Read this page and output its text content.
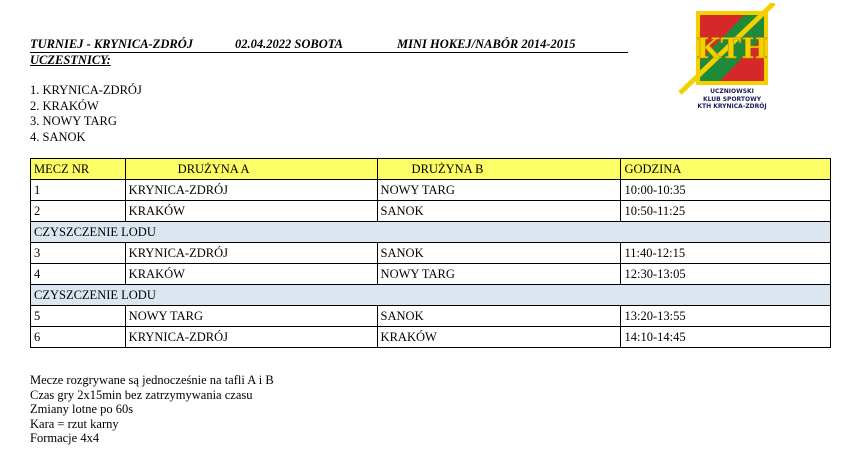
TURNIEJ - KRYNICA-ZDRÓJ	02.04.2022 SOBOTA	MINI HOKEJ/NABÓR 2014-2015
UCZESTNICY:
1. KRYNICA-ZDRÓJ
2. KRAKÓW
3. NOWY TARG
4. SANOK
KTH
UCZNIOWSKI
KLUB SPORTOWY
KTH KRYNICA-ZDRÓJ
MECZ NR	DRUŻYNA A	DRUŻYNA B	GODZINA
1	KRYNICA-ZDRÓJ	NOWY TARG	10:00-10:35
2	KRAKÓW	SANOK	10:50-11:25
CZYSZCZENIE LODU			
3	KRYNICA-ZDRÓJ	SANOK	11:40-12:15
4	KRAKÓW	NOWY TARG	12:30-13:05
CZYSZCZENIE LODU			
5	NOWY TARG	SANOK	13:20-13:55
6	KRYNICA-ZDRÓJ	KRAKÓW	14:10-14:45
Mecze rozgrywane są jednocześnie na tafli A i B
Czas gry 2x15min bez zatrzymywania czasu
Zmiany lotne po 60s
Kara = rzut karny
Formacje 4x4
